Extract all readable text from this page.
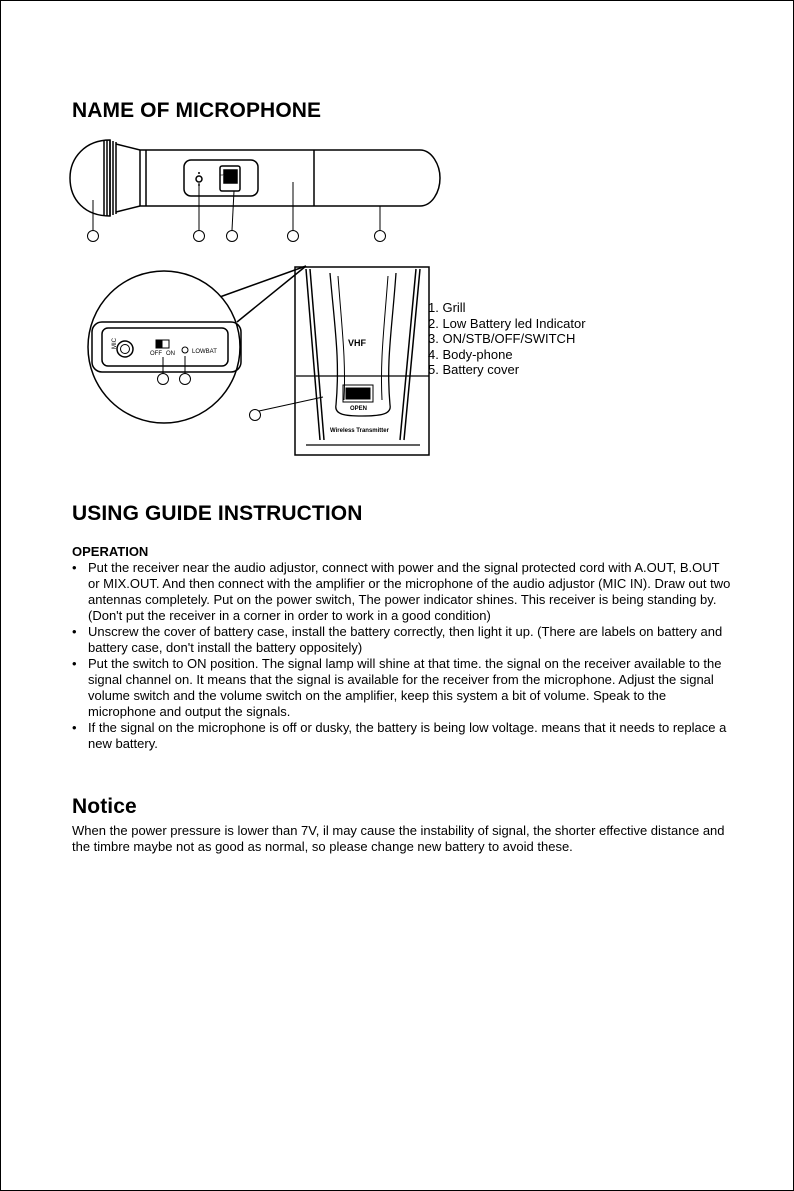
NAME OF MICROPHONE
ON
MIC
OFF ON	LOWBAT
VHF
OPEN
Wireless Transmitter
1. Grill
2. Low Battery led Indicator
3. ON/STB/OFF/SWITCH
4. Body-phone
5. Battery cover
USING GUIDE INSTRUCTION
OPERATION
• Put the receiver near the audio adjustor, connect with power and the signal protected cord with A.OUT, B.OUT or MIX.OUT. And then connect with the amplifier or the microphone of the audio adjustor (MIC IN). Draw out two antennas completely. Put on the power switch, The power indicator shines. This receiver is being standing by. (Don't put the receiver in a corner in order to work in a good condition)
• Unscrew the cover of battery case, install the battery correctly, then light it up. (There are labels on battery and battery case, don't install the battery oppositely)
• Put the switch to ON position. The signal lamp will shine at that time. the signal on the receiver available to the signal channel on. It means that the signal is available for the receiver from the microphone. Adjust the signal volume switch and the volume switch on the amplifier, keep this system a bit of volume. Speak to the microphone and output the signals.
• If the signal on the microphone is off or dusky, the battery is being low voltage. means that it needs to replace a new battery.
Notice

When the power pressure is lower than 7V, il may cause the instability of signal, the shorter effective distance and the timbre maybe not as good as normal, so please change new battery to avoid these.
